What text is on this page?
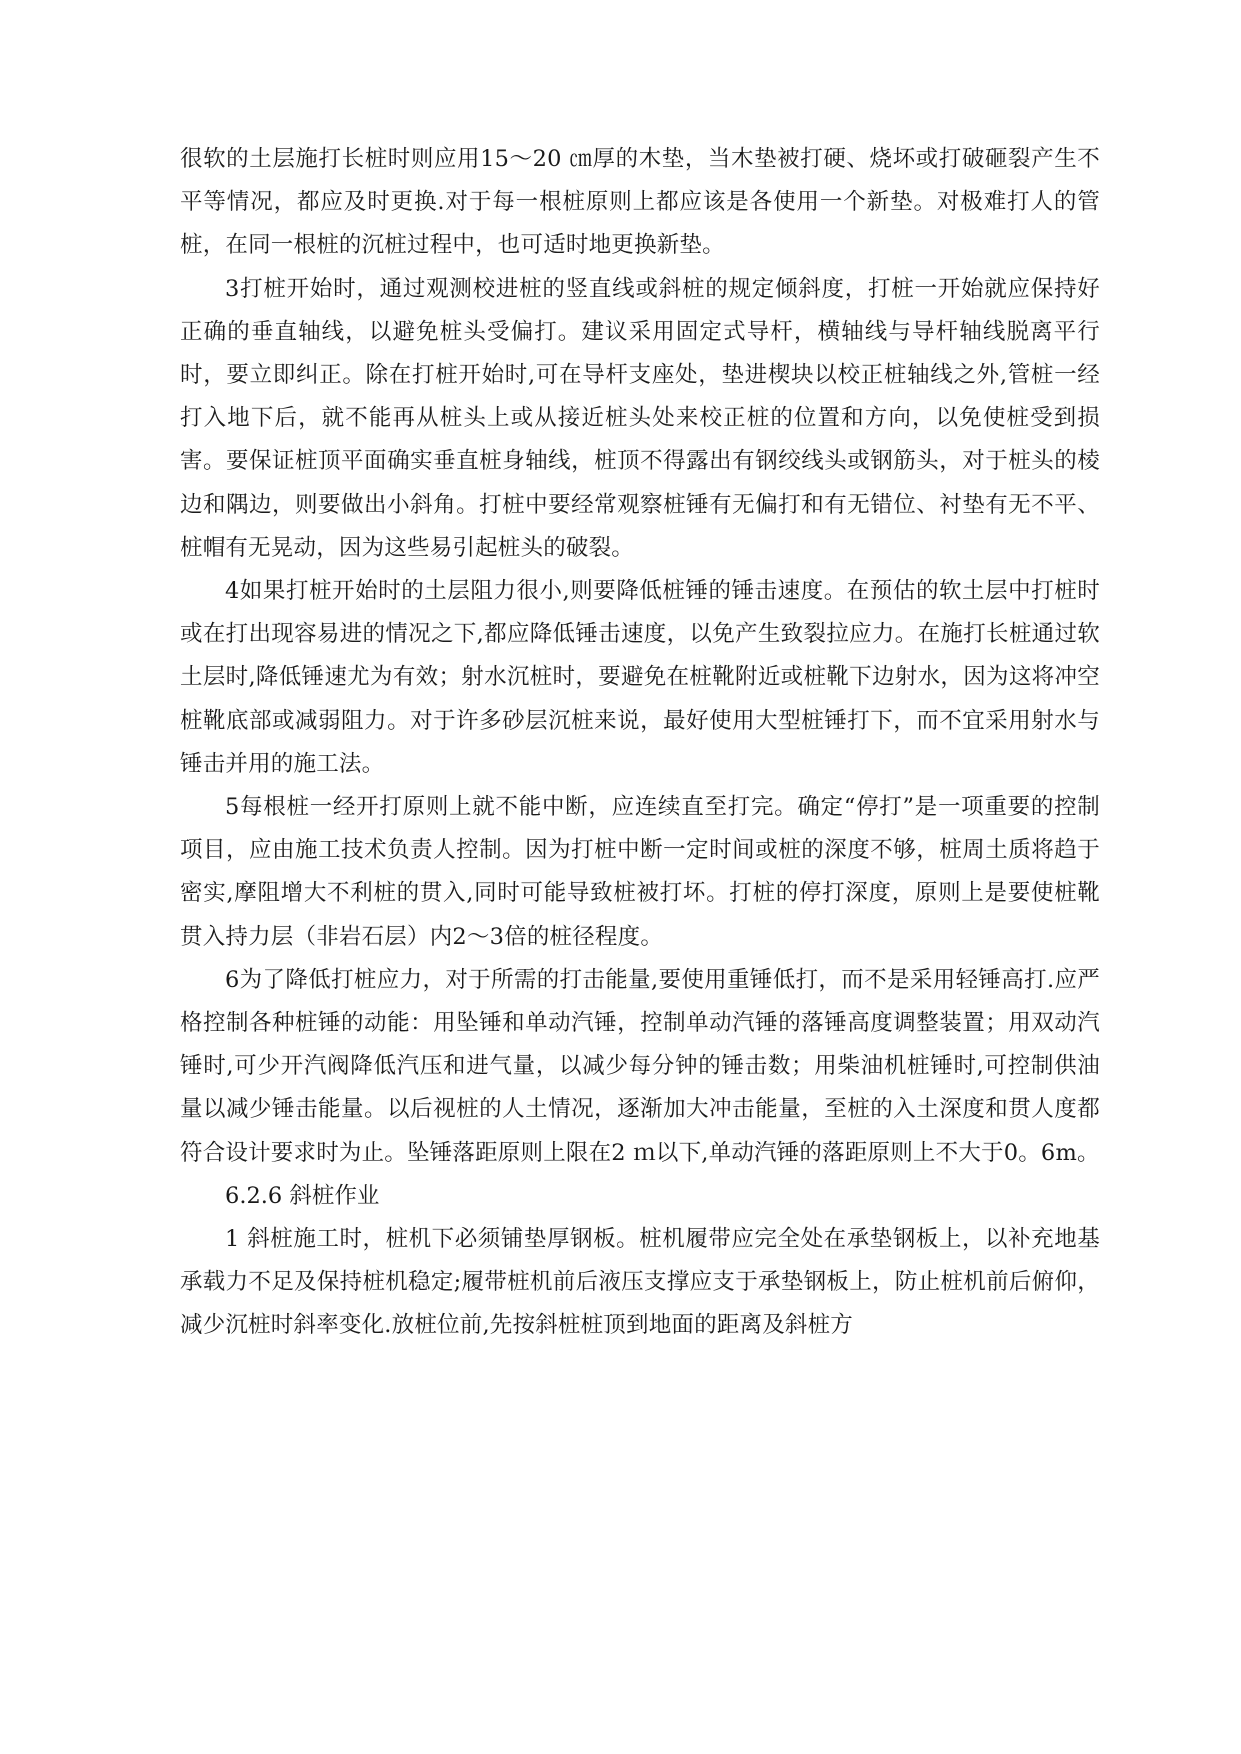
很软的土层施打长桩时则应用15～20 ㎝厚的木垫，当木垫被打硬、烧坏或打破砸裂产生不平等情况，都应及时更换.对于每一根桩原则上都应该是各使用一个新垫。对极难打人的管桩，在同一根桩的沉桩过程中，也可适时地更换新垫。

3打桩开始时，通过观测校进桩的竖直线或斜桩的规定倾斜度，打桩一开始就应保持好正确的垂直轴线，以避免桩头受偏打。建议采用固定式导杆，横轴线与导杆轴线脱离平行时，要立即纠正。除在打桩开始时,可在导杆支座处，垫进楔块以校正桩轴线之外,管桩一经打入地下后，就不能再从桩头上或从接近桩头处来校正桩的位置和方向，以免使桩受到损害。要保证桩顶平面确实垂直桩身轴线，桩顶不得露出有钢绞线头或钢筋头，对于桩头的棱边和隅边，则要做出小斜角。打桩中要经常观察桩锤有无偏打和有无错位、衬垫有无不平、桩帽有无晃动，因为这些易引起桩头的破裂。

4如果打桩开始时的土层阻力很小,则要降低桩锤的锤击速度。在预估的软土层中打桩时或在打出现容易进的情况之下,都应降低锤击速度，以免产生致裂拉应力。在施打长桩通过软土层时,降低锤速尤为有效；射水沉桩时，要避免在桩靴附近或桩靴下边射水，因为这将冲空桩靴底部或减弱阻力。对于许多砂层沉桩来说，最好使用大型桩锤打下，而不宜采用射水与锤击并用的施工法。

5每根桩一经开打原则上就不能中断，应连续直至打完。确定“停打”是一项重要的控制项目，应由施工技术负责人控制。因为打桩中断一定时间或桩的深度不够，桩周土质将趋于密实,摩阻增大不利桩的贯入,同时可能导致桩被打坏。打桩的停打深度，原则上是要使桩靴贯入持力层（非岩石层）内2～3倍的桩径程度。

6为了降低打桩应力，对于所需的打击能量,要使用重锤低打，而不是采用轻锤高打.应严格控制各种桩锤的动能：用坠锤和单动汽锤，控制单动汽锤的落锤高度调整装置；用双动汽锤时,可少开汽阀降低汽压和进气量，以减少每分钟的锤击数；用柴油机桩锤时,可控制供油量以减少锤击能量。以后视桩的人土情况，逐渐加大冲击能量，至桩的入土深度和贯人度都符合设计要求时为止。坠锤落距原则上限在2 ｍ以下,单动汽锤的落距原则上不大于0。6m。

6.2.6 斜桩作业

1 斜桩施工时，桩机下必须铺垫厚钢板。桩机履带应完全处在承垫钢板上，以补充地基承载力不足及保持桩机稳定;履带桩机前后液压支撑应支于承垫钢板上，防止桩机前后俯仰，减少沉桩时斜率变化.放桩位前,先按斜桩桩顶到地面的距离及斜桩方
